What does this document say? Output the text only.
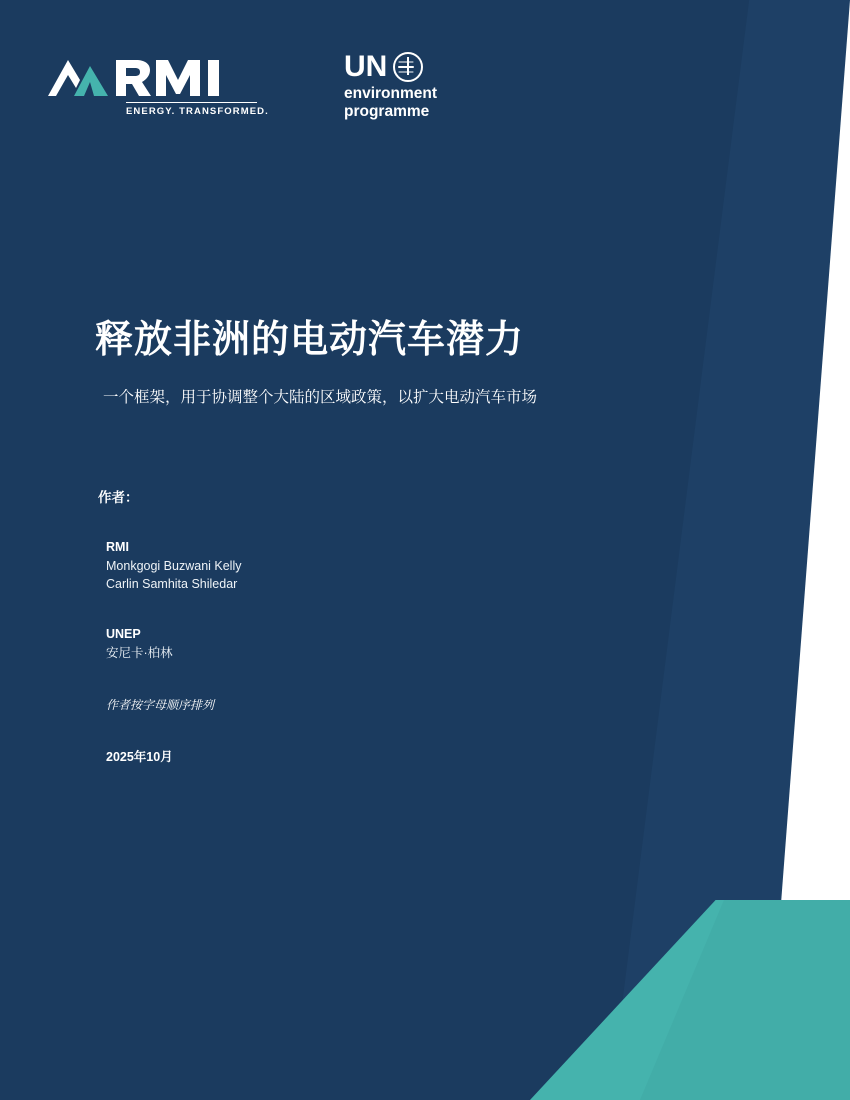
ENERGY. TRANSFORMED.
UN
environment
programme
释放非洲的电动汽车潜力

一个框架，用于协调整个大陆的区域政策，以扩大电动汽车市场

作者：

RMI

Monkgogi Buzwani Kelly Carlin Samhita Shiledar

UNEP

安尼卡·柏林

作者按字母顺序排列

2025年10月
